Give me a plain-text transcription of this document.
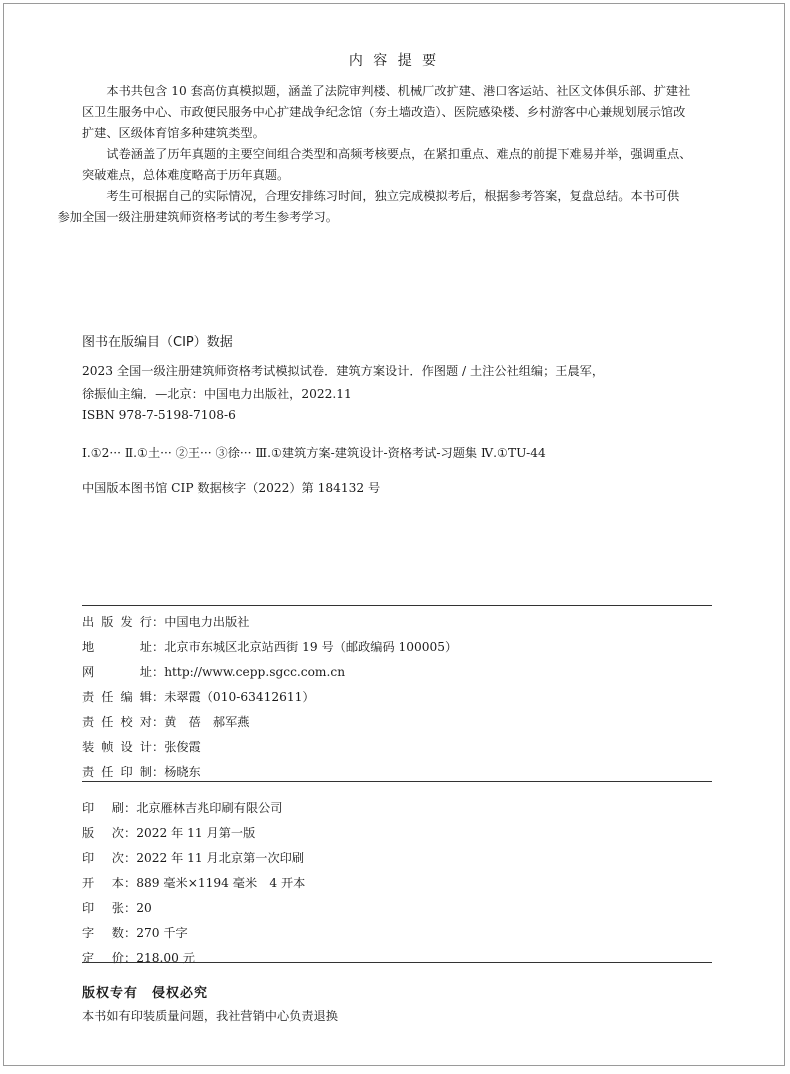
内 容 提 要

本书共包含 10 套高仿真模拟题，涵盖了法院审判楼、机械厂改扩建、港口客运站、社区文体俱乐部、扩建社
区卫生服务中心、市政便民服务中心扩建战争纪念馆（夯土墙改造）、医院感染楼、乡村游客中心兼规划展示馆改
扩建、区级体育馆多种建筑类型。

试卷涵盖了历年真题的主要空间组合类型和高频考核要点，在紧扣重点、难点的前提下难易并举，强调重点、
突破难点，总体难度略高于历年真题。

考生可根据自己的实际情况，合理安排练习时间，独立完成模拟考后，根据参考答案，复盘总结。本书可供
参加全国一级注册建筑师资格考试的考生参考学习。

图书在版编目（CIP）数据
2023 全国一级注册建筑师资格考试模拟试卷．建筑方案设计．作图题 / 土注公社组编；王晨军，
徐振仙主编．—北京：中国电力出版社，2022.11
ISBN 978-7-5198-7108-6
Ⅰ.①2··· Ⅱ.①土··· ②王··· ③徐··· Ⅲ.①建筑方案-建筑设计-资格考试-习题集 Ⅳ.①TU-44
中国版本图书馆 CIP 数据核字（2022）第 184132 号
出版发行：中国电力出版社
地址：北京市东城区北京站西街 19 号（邮政编码 100005）
网址：http://www.cepp.sgcc.com.cn
责任编辑：未翠霞（010-63412611）
责任校对：黄　蓓　郝军燕
装帧设计：张俊霞
责任印制：杨晓东
印刷：北京雁林吉兆印刷有限公司
版次：2022 年 11 月第一版
印次：2022 年 11 月北京第一次印刷
开本：889 毫米×1194 毫米　4 开本
印张：20
字数：270 千字
定价：218.00 元
版权专有　侵权必究
本书如有印装质量问题，我社营销中心负责退换
